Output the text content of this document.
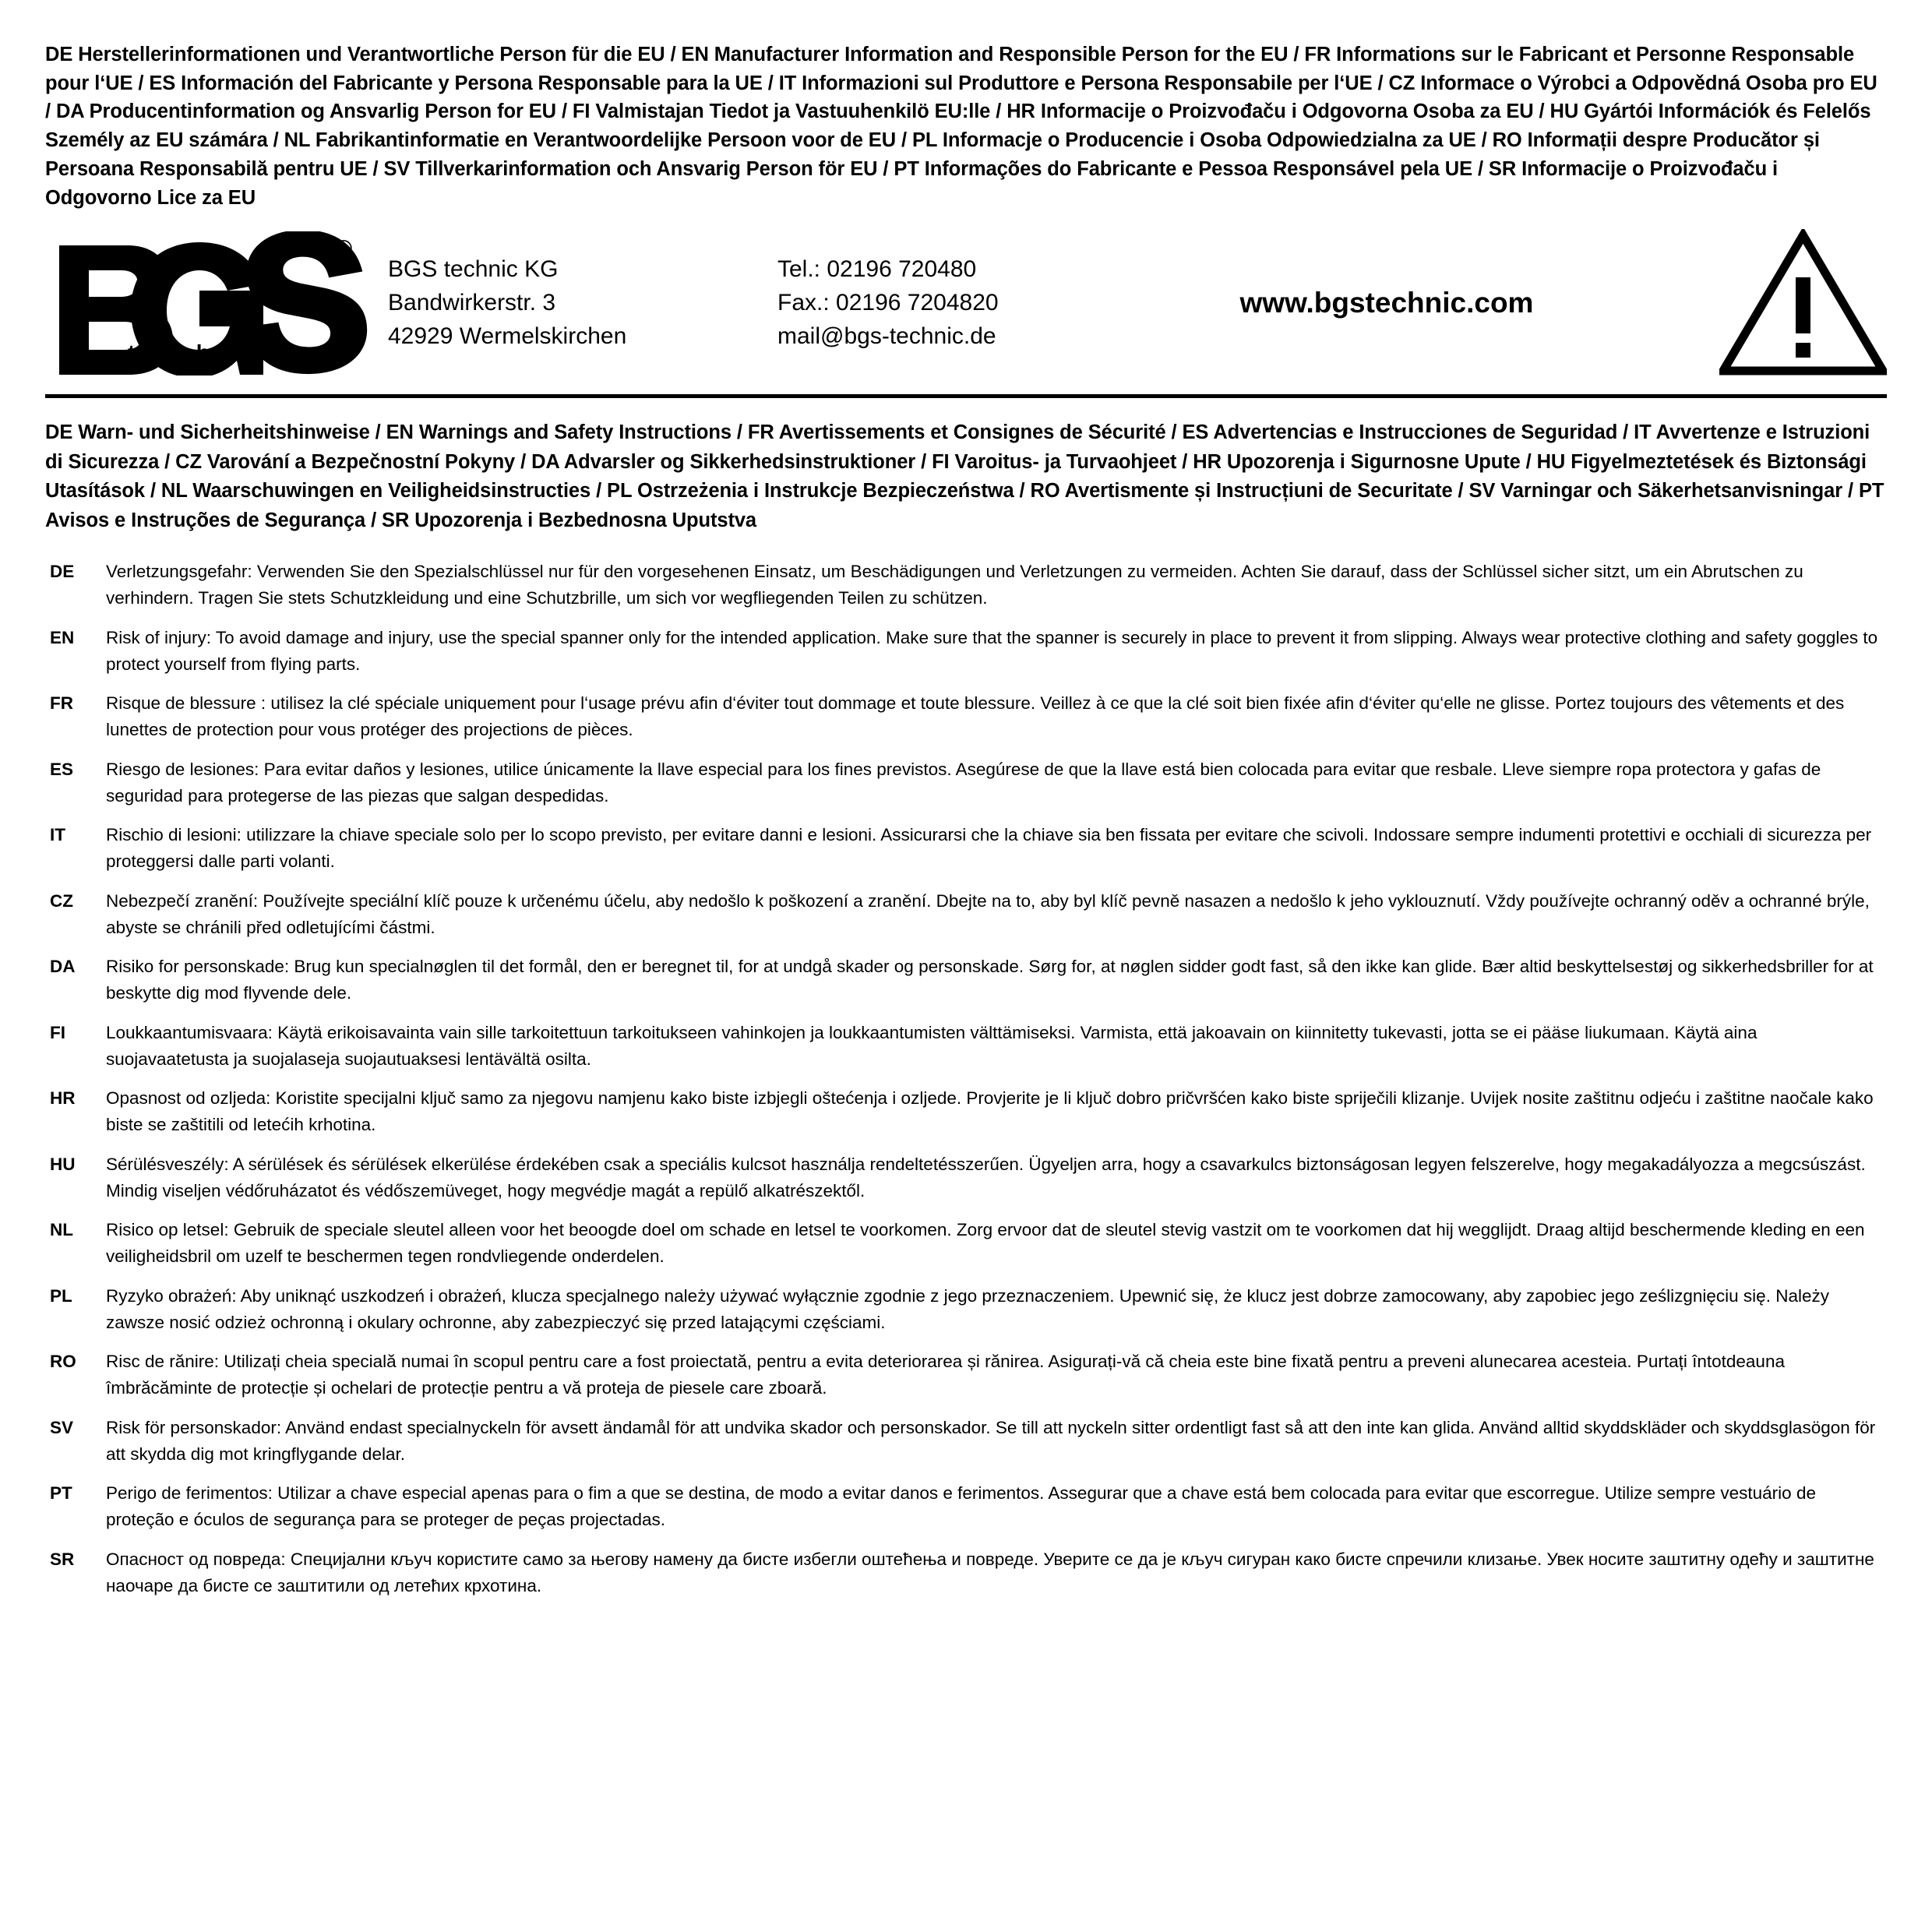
DE Herstellerinformationen und Verantwortliche Person für die EU / EN Manufacturer Information and Responsible Person for the EU / FR Informations sur le Fabricant et Personne Responsable pour l‘UE / ES Información del Fabricante y Persona Responsable para la UE / IT Informazioni sul Produttore e Persona Responsabile per l‘UE / CZ Informace o Výrobci a Odpovědná Osoba pro EU / DA Producentinformation og Ansvarlig Person for EU / FI Valmistajan Tiedot ja Vastuuhenkilö EU:lle / HR Informacije o Proizvođaču i Odgovorna Osoba za EU / HU Gyártói Információk és Felelős Személy az EU számára / NL Fabrikantinformatie en Verantwoordelijke Persoon voor de EU / PL Informacje o Producencie i Osoba Odpowiedzialna za UE / RO Informații despre Producător și Persoana Responsabilă pentru UE / SV Tillverkarinformation och Ansvarig Person för EU / PT Informações do Fabricante e Pessoa Responsável pela UE / SR Informacije o Proizvođaču i Odgovorno Lice za EU
®
t e c h n i c
BGS technic KG
Bandwirkerstr. 3
42929 Wermelskirchen
Tel.: 02196 720480
Fax.: 02196 7204820
mail@bgs-technic.de
www.bgstechnic.com
DE Warn- und Sicherheitshinweise / EN Warnings and Safety Instructions / FR Avertissements et Consignes de Sécurité / ES Advertencias e Instrucciones de Seguridad / IT Avvertenze e Istruzioni di Sicurezza / CZ Varování a Bezpečnostní Pokyny / DA Advarsler og Sikkerhedsinstruktioner / FI Varoitus- ja Turvaohjeet / HR Upozorenja i Sigurnosne Upute / HU Figyelmeztetések és Biztonsági Utasítások / NL Waarschuwingen en Veiligheidsinstructies / PL Ostrzeżenia i Instrukcje Bezpieczeństwa / RO Avertismente și Instrucțiuni de Securitate / SV Varningar och Säkerhetsanvisningar / PT Avisos e Instruções de Segurança / SR Upozorenja i Bezbednosna Uputstva
DE	Verletzungsgefahr: Verwenden Sie den Spezialschlüssel nur für den vorgesehenen Einsatz, um Beschädigungen und Verletzungen zu vermeiden. Achten Sie darauf, dass der Schlüssel sicher sitzt, um ein Abrutschen zu verhindern. Tragen Sie stets Schutzkleidung und eine Schutzbrille, um sich vor wegfliegenden Teilen zu schützen.
EN	Risk of injury: To avoid damage and injury, use the special spanner only for the intended application. Make sure that the spanner is securely in place to prevent it from slipping. Always wear protective clothing and safety goggles to protect yourself from flying parts.
FR	Risque de blessure : utilisez la clé spéciale uniquement pour l‘usage prévu afin d‘éviter tout dommage et toute blessure. Veillez à ce que la clé soit bien fixée afin d‘éviter qu‘elle ne glisse. Portez toujours des vêtements et des lunettes de protection pour vous protéger des projections de pièces.
ES	Riesgo de lesiones: Para evitar daños y lesiones, utilice únicamente la llave especial para los fines previstos. Asegúrese de que la llave está bien colocada para evitar que resbale. Lleve siempre ropa protectora y gafas de seguridad para protegerse de las piezas que salgan despedidas.
IT	Rischio di lesioni: utilizzare la chiave speciale solo per lo scopo previsto, per evitare danni e lesioni. Assicurarsi che la chiave sia ben fissata per evitare che scivoli. Indossare sempre indumenti protettivi e occhiali di sicurezza per proteggersi dalle parti volanti.
CZ	Nebezpečí zranění: Používejte speciální klíč pouze k určenému účelu, aby nedošlo k poškození a zranění. Dbejte na to, aby byl klíč pevně nasazen a nedošlo k jeho vyklouznutí. Vždy používejte ochranný oděv a ochranné brýle, abyste se chránili před odletujícími částmi.
DA	Risiko for personskade: Brug kun specialnøglen til det formål, den er beregnet til, for at undgå skader og personskade. Sørg for, at nøglen sidder godt fast, så den ikke kan glide. Bær altid beskyttelsestøj og sikkerhedsbriller for at beskytte dig mod flyvende dele.
FI	Loukkaantumisvaara: Käytä erikoisavainta vain sille tarkoitettuun tarkoitukseen vahinkojen ja loukkaantumisten välttämiseksi. Varmista, että jakoavain on kiinnitetty tukevasti, jotta se ei pääse liukumaan. Käytä aina suojavaatetusta ja suojalaseja suojautuaksesi lentävältä osilta.
HR	Opasnost od ozljeda: Koristite specijalni ključ samo za njegovu namjenu kako biste izbjegli oštećenja i ozljede. Provjerite je li ključ dobro pričvršćen kako biste spriječili klizanje. Uvijek nosite zaštitnu odjeću i zaštitne naočale kako biste se zaštitili od letećih krhotina.
HU	Sérülésveszély: A sérülések és sérülések elkerülése érdekében csak a speciális kulcsot használja rendeltetésszerűen. Ügyeljen arra, hogy a csavarkulcs biztonságosan legyen felszerelve, hogy megakadályozza a megcsúszást. Mindig viseljen védőruházatot és védőszemüveget, hogy megvédje magát a repülő alkatrészektől.
NL	Risico op letsel: Gebruik de speciale sleutel alleen voor het beoogde doel om schade en letsel te voorkomen. Zorg ervoor dat de sleutel stevig vastzit om te voorkomen dat hij wegglijdt. Draag altijd beschermende kleding en een veiligheidsbril om uzelf te beschermen tegen rondvliegende onderdelen.
PL	Ryzyko obrażeń: Aby uniknąć uszkodzeń i obrażeń, klucza specjalnego należy używać wyłącznie zgodnie z jego przeznaczeniem. Upewnić się, że klucz jest dobrze zamocowany, aby zapobiec jego ześlizgnięciu się. Należy zawsze nosić odzież ochronną i okulary ochronne, aby zabezpieczyć się przed latającymi częściami.
RO	Risc de rănire: Utilizați cheia specială numai în scopul pentru care a fost proiectată, pentru a evita deteriorarea și rănirea. Asigurați-vă că cheia este bine fixată pentru a preveni alunecarea acesteia. Purtați întotdeauna îmbrăcăminte de protecție și ochelari de protecție pentru a vă proteja de piesele care zboară.
SV	Risk för personskador: Använd endast specialnyckeln för avsett ändamål för att undvika skador och personskador. Se till att nyckeln sitter ordentligt fast så att den inte kan glida. Använd alltid skyddskläder och skyddsglasögon för att skydda dig mot kringflygande delar.
PT	Perigo de ferimentos: Utilizar a chave especial apenas para o fim a que se destina, de modo a evitar danos e ferimentos. Assegurar que a chave está bem colocada para evitar que escorregue. Utilize sempre vestuário de proteção e óculos de segurança para se proteger de peças projectadas.
SR	Опасност од повреда: Специјални кључ користите само за његову намену да бисте избегли оштећења и повреде. Уверите се да је кључ сигуран како бисте спречили клизање. Увек носите заштитну одећу и заштитне наочаре да бисте се заштитили од летећих крхотина.
